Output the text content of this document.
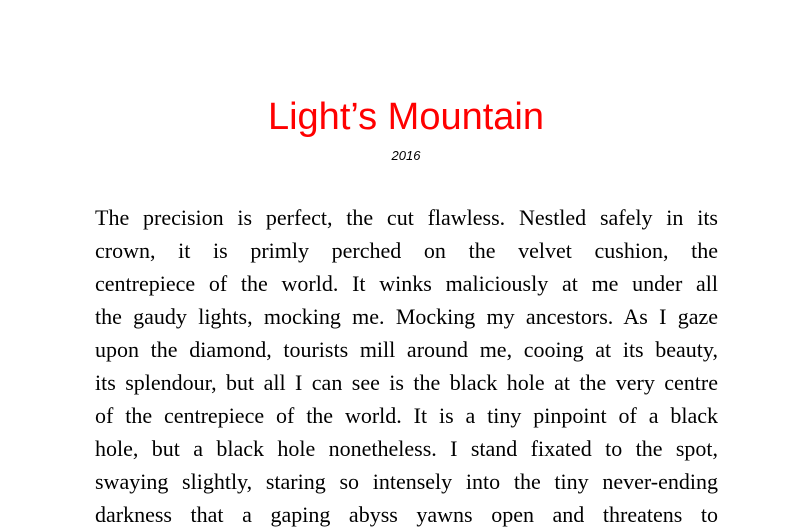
Light’s Mountain
2016
The precision is perfect, the cut flawless. Nestled safely in its
crown, it is primly perched on the velvet cushion, the
centrepiece of the world. It winks maliciously at me under all
the gaudy lights, mocking me. Mocking my ancestors. As I gaze
upon the diamond, tourists mill around me, cooing at its beauty,
its splendour, but all I can see is the black hole at the very centre
of the centrepiece of the world. It is a tiny pinpoint of a black
hole, but a black hole nonetheless. I stand fixated to the spot,
swaying slightly, staring so intensely into the tiny never-ending
darkness that a gaping abyss yawns open and threatens to
